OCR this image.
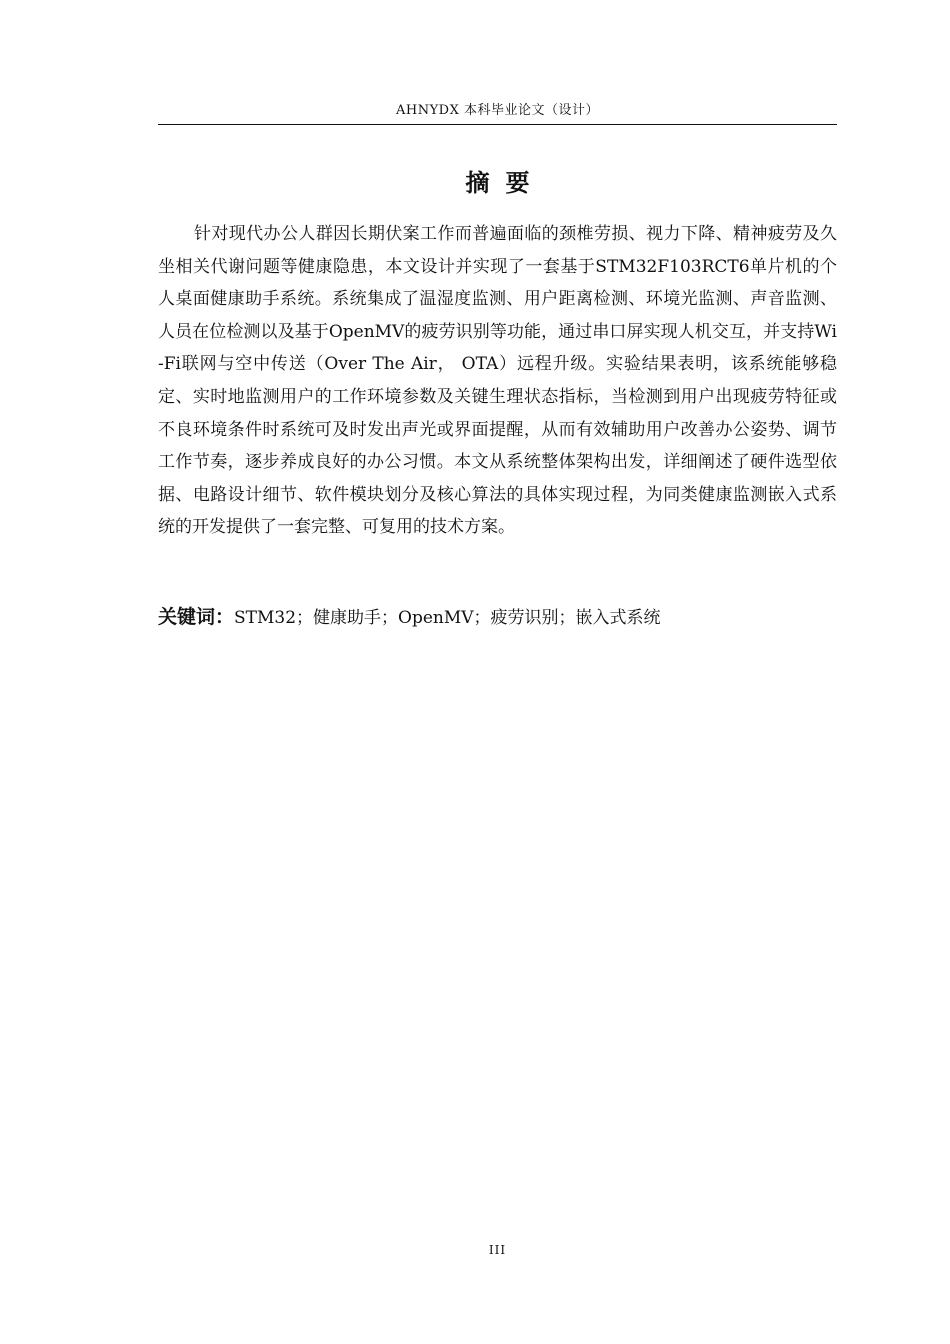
AHNYDX 本科毕业论文（设计）
摘要

针对现代办公人群因长期伏案工作而普遍面临的颈椎劳损、视力下降、精神疲劳及久坐相关代谢问题等健康隐患，本文设计并实现了一套基于STM32F103RCT6单片机的个人桌面健康助手系统。系统集成了温湿度监测、用户距离检测、环境光监测、声音监测、人员在位检测以及基于OpenMV的疲劳识别等功能，通过串口屏实现人机交互，并支持Wi-Fi联网与空中传送（Over The Air， OTA）远程升级。实验结果表明，该系统能够稳定、实时地监测用户的工作环境参数及关键生理状态指标，当检测到用户出现疲劳特征或不良环境条件时系统可及时发出声光或界面提醒，从而有效辅助用户改善办公姿势、调节工作节奏，逐步养成良好的办公习惯。本文从系统整体架构出发，详细阐述了硬件选型依据、电路设计细节、软件模块划分及核心算法的具体实现过程，为同类健康监测嵌入式系统的开发提供了一套完整、可复用的技术方案。

关键词：STM32；健康助手；OpenMV；疲劳识别；嵌入式系统
III
